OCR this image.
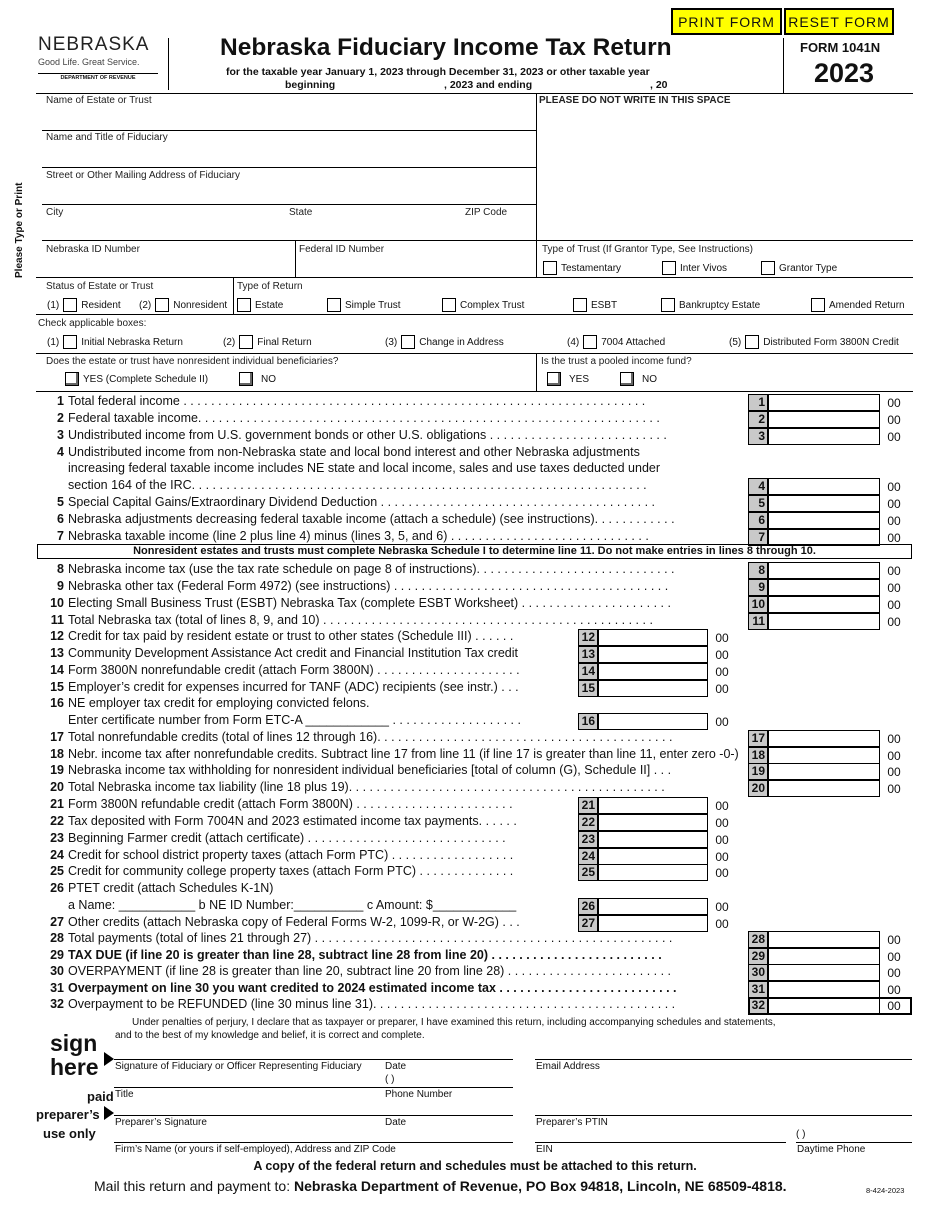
PRINT FORM RESET FORM
NEBRASKA
Good Life. Great Service.
DEPARTMENT OF REVENUE
Nebraska Fiduciary Income Tax Return
for the taxable year January 1, 2023 through December 31, 2023 or other taxable year
beginning	, 2023 and ending	, 20
FORM 1041N
2023
Name of Estate or Trust	PLEASE DO NOT WRITE IN THIS SPACE
Name and Title of Fiduciary
Street or Other Mailing Address of Fiduciary
City	State	ZIP Code
Please Type or Print Nebraska ID Number	Federal ID Number	Type of Trust (If Grantor Type, See Instructions)
Testamentary	Inter Vivos	Grantor Type
Status of Estate or Trust	Type of Return
(1) Resident (2) Nonresident	Estate	Simple Trust	Complex Trust	ESBT	Bankruptcy Estate	Amended Return
Check applicable boxes:
(1) Initial Nebraska Return	(2) Final Return	(3) Change in Address	(4) 7004 Attached	(5) Distributed Form 3800N Credit
Does the estate or trust have nonresident individual beneficiaries?
YES (Complete Schedule II)	NO
Is the trust a pooled income fund?
YES	NO
1 Total federal income . . . . . . . . . . . . . . . . . . . . . . . . . . . . . . . . . . . . . . . . . . . . . . . . . . . . . . . . . . . . . . . . . . .	1	00
2 Federal taxable income. . . . . . . . . . . . . . . . . . . . . . . . . . . . . . . . . . . . . . . . . . . . . . . . . . . . . . . . . . . . . . . . . . .	2	00
3 Undistributed income from U.S. government bonds or other U.S. obligations . . . . . . . . . . . . . . . . . . . . . . . . . .	3	00
4 Undistributed income from non-Nebraska state and local bond interest and other Nebraska adjustments
increasing federal taxable income includes NE state and local income, sales and use taxes deducted under
section 164 of the IRC. . . . . . . . . . . . . . . . . . . . . . . . . . . . . . . . . . . . . . . . . . . . . . . . . . . . . . . . . . . . . . . . . .	4	00
5 Special Capital Gains/Extraordinary Dividend Deduction . . . . . . . . . . . . . . . . . . . . . . . . . . . . . . . . . . . . . . . .	5	00
6 Nebraska adjustments decreasing federal taxable income (attach a schedule) (see instructions). . . . . . . . . . . .	6	00
7 Nebraska taxable income (line 2 plus line 4) minus (lines 3, 5, and 6) . . . . . . . . . . . . . . . . . . . . . . . . . . . . .	7	00
8 Nebraska income tax (use the tax rate schedule on page 8 of instructions). . . . . . . . . . . . . . . . . . . . . . . . . . . . .	8	00
9 Nebraska other tax (Federal Form 4972) (see instructions) . . . . . . . . . . . . . . . . . . . . . . . . . . . . . . . . . . . . . . . .	9	00
10 Electing Small Business Trust (ESBT) Nebraska Tax (complete ESBT Worksheet) . . . . . . . . . . . . . . . . . . . . . .	10	00
11 Total Nebraska tax (total of lines 8, 9, and 10) . . . . . . . . . . . . . . . . . . . . . . . . . . . . . . . . . . . . . . . . . . . . . . . .	11	00
12 Credit for tax paid by resident estate or trust to other states (Schedule III) . . . . . .	12	00
13 Community Development Assistance Act credit and Financial Institution Tax credit	13	00
14 Form 3800N nonrefundable credit (attach Form 3800N) . . . . . . . . . . . . . . . . . . . . .	14	00
15 Employer’s credit for expenses incurred for TANF (ADC) recipients (see instr.) . . .	15	00
16 NE employer tax credit for employing convicted felons.
Enter certificate number from Form ETC-A ____________ . . . . . . . . . . . . . . . . . . .	16	00
17 Total nonrefundable credits (total of lines 12 through 16). . . . . . . . . . . . . . . . . . . . . . . . . . . . . . . . . . . . . . . . . . .	17	00
18 Nebr. income tax after nonrefundable credits. Subtract line 17 from line 11 (if line 17 is greater than line 11, enter zero -0-)	18	00
19 Nebraska income tax withholding for nonresident individual beneficiaries [total of column (G), Schedule II] . . .	19	00
20 Total Nebraska income tax liability (line 18 plus 19). . . . . . . . . . . . . . . . . . . . . . . . . . . . . . . . . . . . . . . . . . . . . .	20	00
21 Form 3800N refundable credit (attach Form 3800N) . . . . . . . . . . . . . . . . . . . . . . .	21	00
22 Tax deposited with Form 7004N and 2023 estimated income tax payments. . . . . .	22	00
23 Beginning Farmer credit (attach certificate) . . . . . . . . . . . . . . . . . . . . . . . . . . . . .	23	00
24 Credit for school district property taxes (attach Form PTC) . . . . . . . . . . . . . . . . . .	24	00
25 Credit for community college property taxes (attach Form PTC) . . . . . . . . . . . . . .	25	00
26 PTET credit (attach Schedules K-1N)
a Name: ___________ b NE ID Number:__________ c Amount: $____________	26	00
27 Other credits (attach Nebraska copy of Federal Forms W-2, 1099-R, or W-2G) . . .	27	00
28 Total payments (total of lines 21 through 27) . . . . . . . . . . . . . . . . . . . . . . . . . . . . . . . . . . . . . . . . . . . . . . . . . . . .	28	00
29 TAX DUE (if line 20 is greater than line 28, subtract line 28 from line 20) . . . . . . . . . . . . . . . . . . . . . . . . .	29	00
30 OVERPAYMENT (if line 28 is greater than line 20, subtract line 20 from line 28) . . . . . . . . . . . . . . . . . . . . . . . .	30	00
31 Overpayment on line 30 you want credited to 2024 estimated income tax . . . . . . . . . . . . . . . . . . . . . . . . . .	31	00
32 Overpayment to be REFUNDED (line 30 minus line 31). . . . . . . . . . . . . . . . . . . . . . . . . . . . . . . . . . . . . . . . . . . .	32	00
Nonresident estates and trusts must complete Nebraska Schedule I to determine line 11. Do not make entries in lines 8 through 10.
Under penalties of perjury, I declare that as taxpayer or preparer, I have examined this return, including accompanying schedules and statements,
and to the best of my knowledge and belief, it is correct and complete.
sign
here
paid
preparer’s
use only
Signature of Fiduciary or Officer Representing Fiduciary Date
( )
Email Address
Title	Phone Number
Preparer’s Signature	Date	Preparer’s PTIN
( )
Firm’s Name (or yours if self-employed), Address and ZIP Code	EIN	Daytime Phone
A copy of the federal return and schedules must be attached to this return.
Mail this return and payment to: Nebraska Department of Revenue, PO Box 94818, Lincoln, NE 68509-4818.	8-424-2023
